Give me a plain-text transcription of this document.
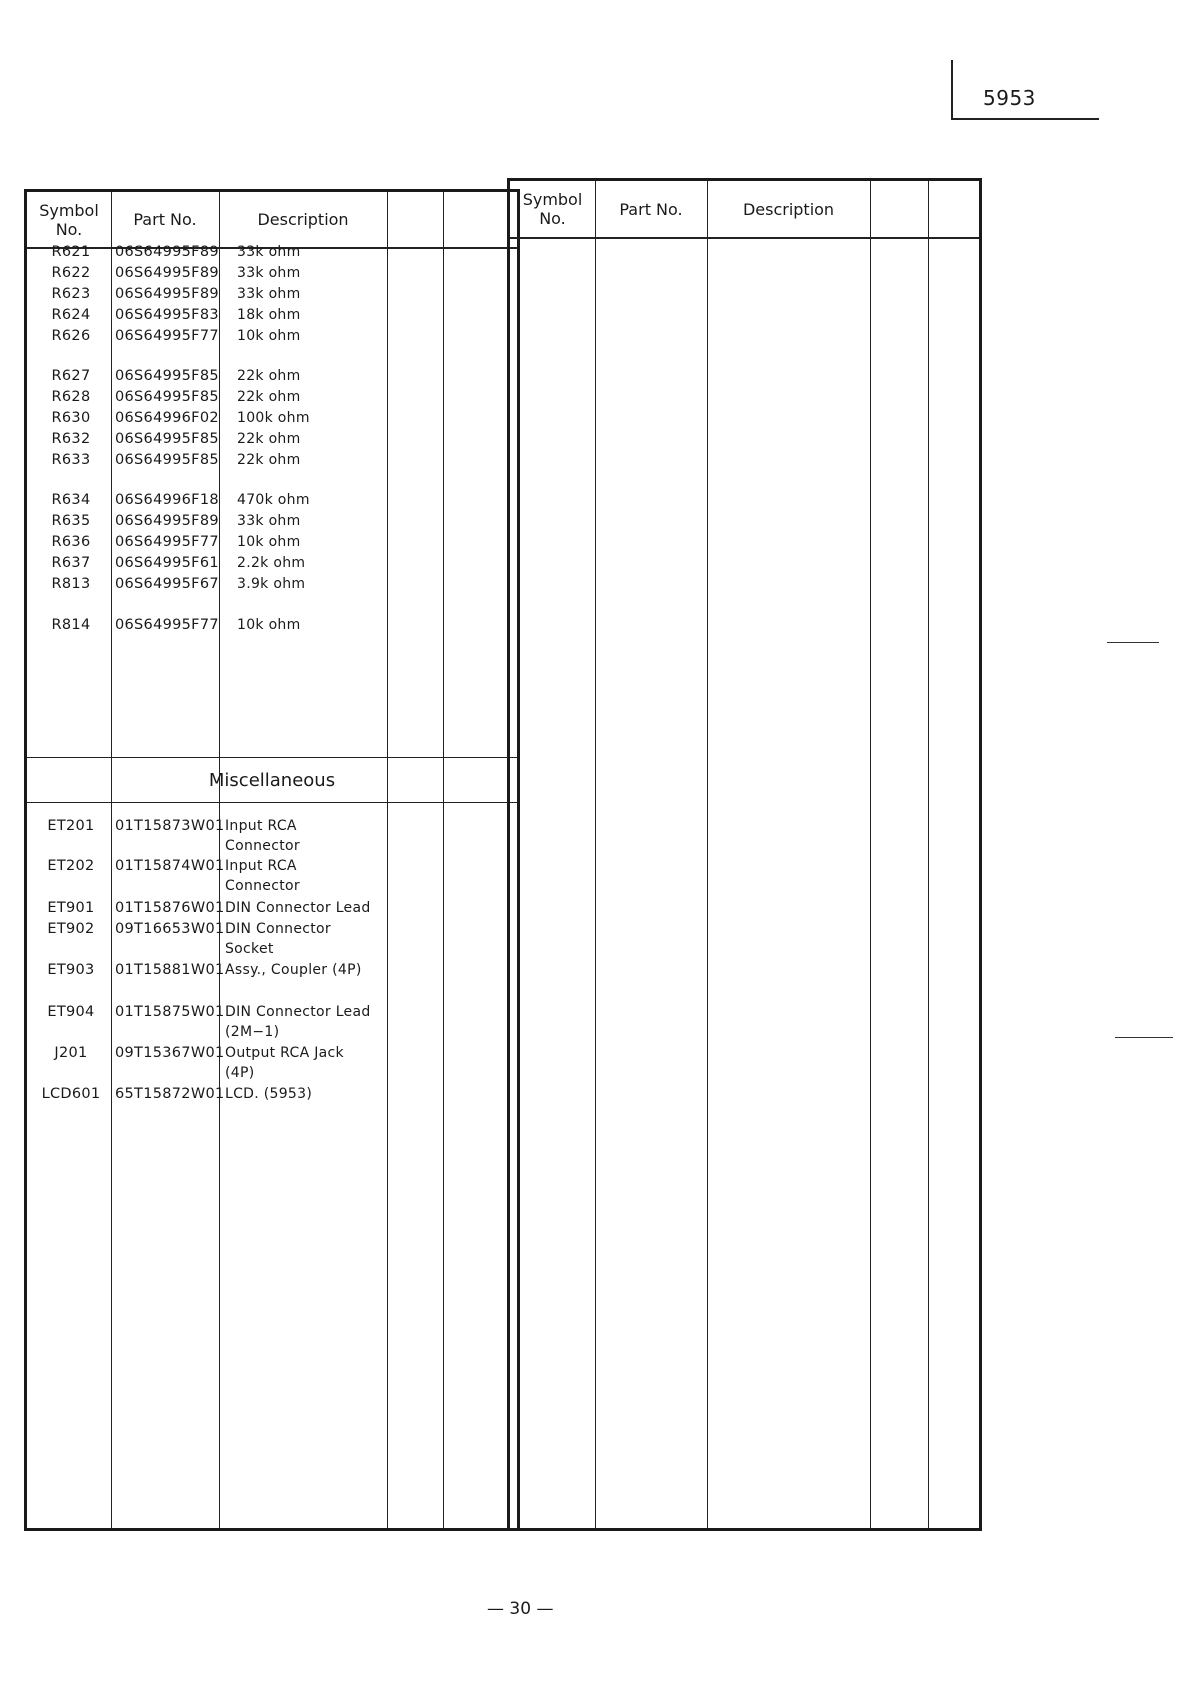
5953
Symbol
No.	Part No.	Description
Miscellaneous
R621	06S64995F89 33k ohm
R622	06S64995F89 33k ohm
R623	06S64995F89 33k ohm
R624	06S64995F83 18k ohm
R626	06S64995F77 10k ohm
R627	06S64995F85 22k ohm
R628	06S64995F85 22k ohm
R630	06S64996F02 100k ohm
R632	06S64995F85 22k ohm
R633	06S64995F85 22k ohm
R634	06S64996F18 470k ohm
R635	06S64995F89 33k ohm
R636	06S64995F77 10k ohm
R637	06S64995F61 2.2k ohm
R813	06S64995F67 3.9k ohm
R814	06S64995F77 10k ohm
ET201	01T15873W01 Input RCA
Connector
ET202	01T15874W01 Input RCA
Connector
ET901	01T15876W01 DIN Connector Lead
ET902	09T16653W01 DIN Connector
Socket
ET903	01T15881W01 Assy., Coupler (4P)
ET904	01T15875W01 DIN Connector Lead
(2M−1)
J201	09T15367W01 Output RCA Jack
(4P)
LCD601	65T15872W01 LCD. (5953)
Symbol
No.	Part No.	Description
— 30 —
